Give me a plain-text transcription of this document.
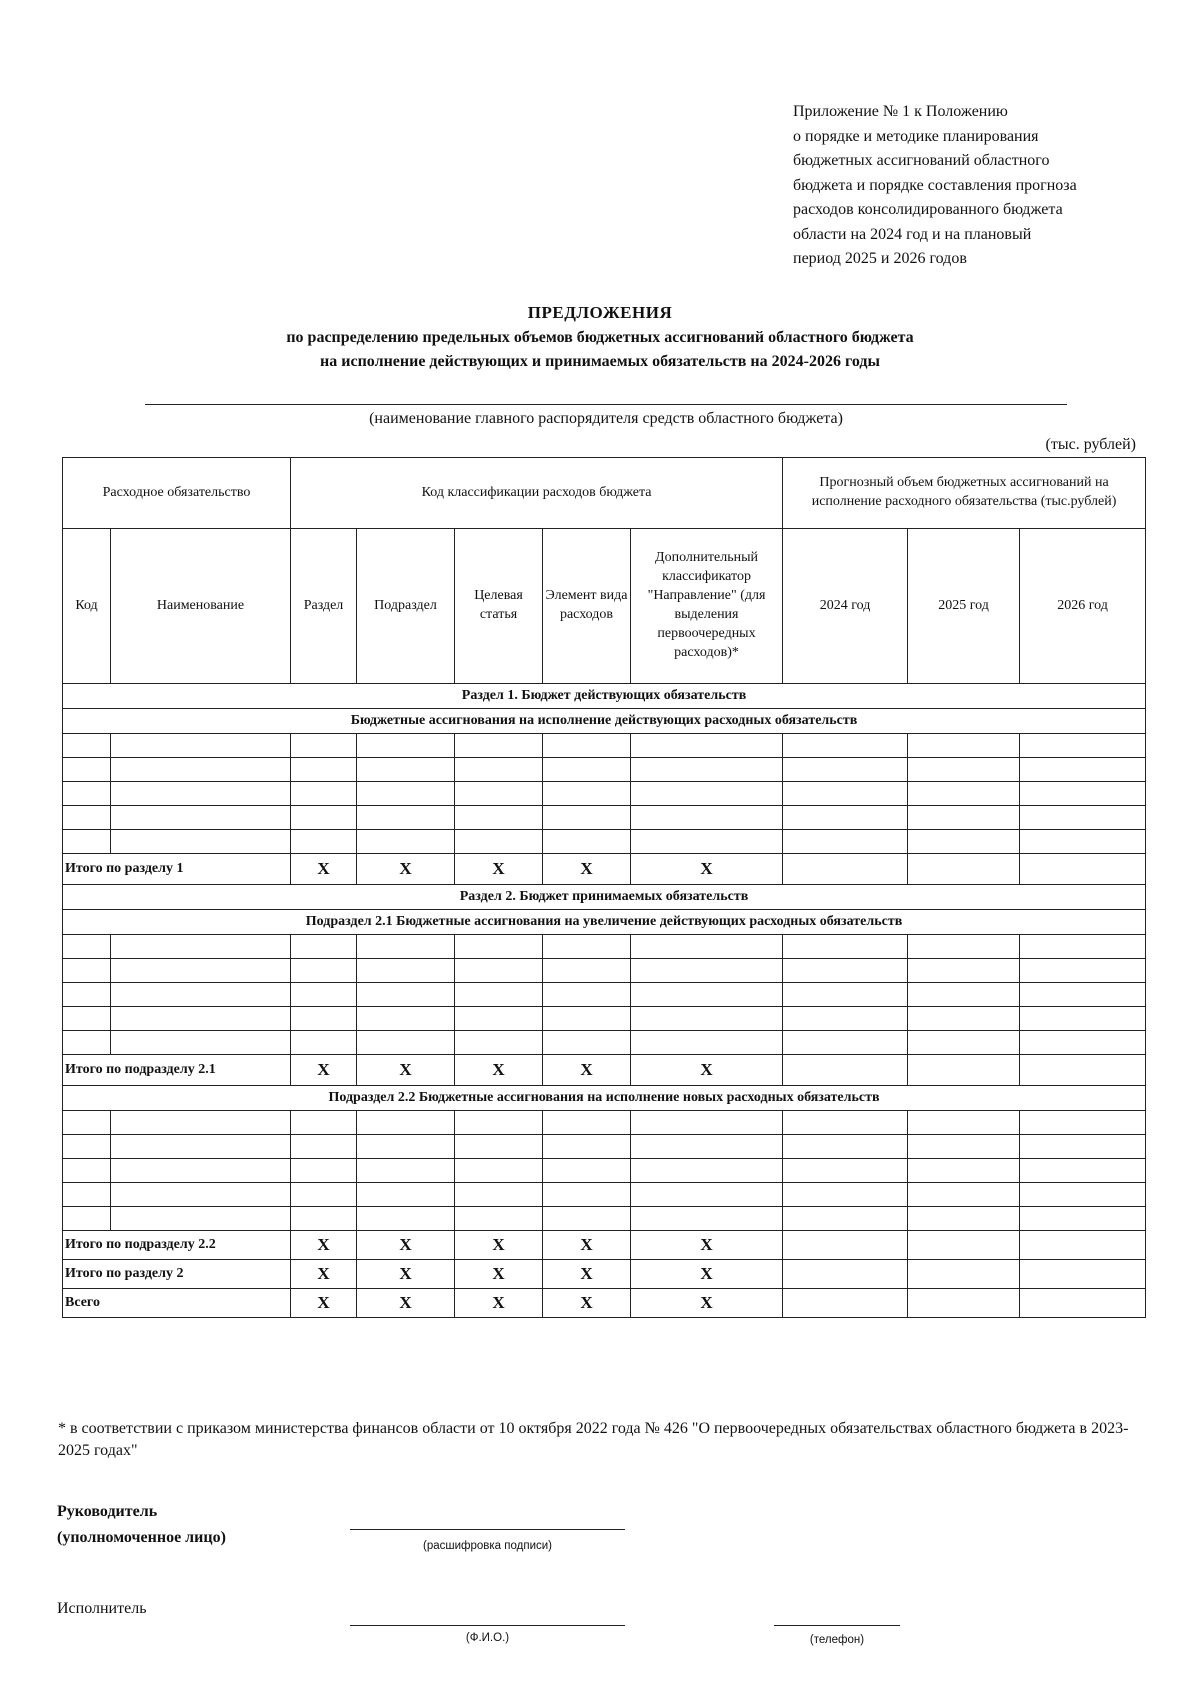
Приложение № 1 к Положению
о порядке и методике планирования
бюджетных ассигнований областного
бюджета и порядке составления прогноза
расходов консолидированного бюджета
области на 2024 год и на плановый
период 2025 и 2026 годов
ПРЕДЛОЖЕНИЯ
по распределению предельных объемов бюджетных ассигнований областного бюджета
на исполнение действующих и принимаемых обязательств на 2024-2026 годы
(наименование главного распорядителя средств областного бюджета)
(тыс. рублей)
Расходное обязательство		Код классификации расходов бюджета					Прогнозный объем бюджетных ассигнований на исполнение расходного обязательства (тыс.рублей)		
Код	Наименование	Раздел	Подраздел	Целевая статья	Элемент вида расходов	Дополнительный классификатор "Направление" (для выделения первоочередных расходов)*	2024 год	2025 год	2026 год
Раздел 1. Бюджет действующих обязательств									
Бюджетные ассигнования на исполнение действующих расходных обязательств									

Итого по разделу 1		X	X	X	X	X			
Раздел 2. Бюджет принимаемых обязательств									
Подраздел 2.1 Бюджетные ассигнования на увеличение действующих расходных обязательств									

Итого по подразделу 2.1		X	X	X	X	X			
Подраздел 2.2 Бюджетные ассигнования на исполнение новых расходных обязательств									

Итого по подразделу 2.2		X	X	X	X	X			
Итого по разделу 2		X	X	X	X	X			
Всего		X	X	X	X	X			
* в соответствии с приказом министерства финансов области от 10 октября 2022 года № 426 "О первоочередных обязательствах областного бюджета в 2023-2025 годах"
Руководитель
(уполномоченное лицо)	(расшифровка подписи)
Исполнитель
(Ф.И.О.)	(телефон)
